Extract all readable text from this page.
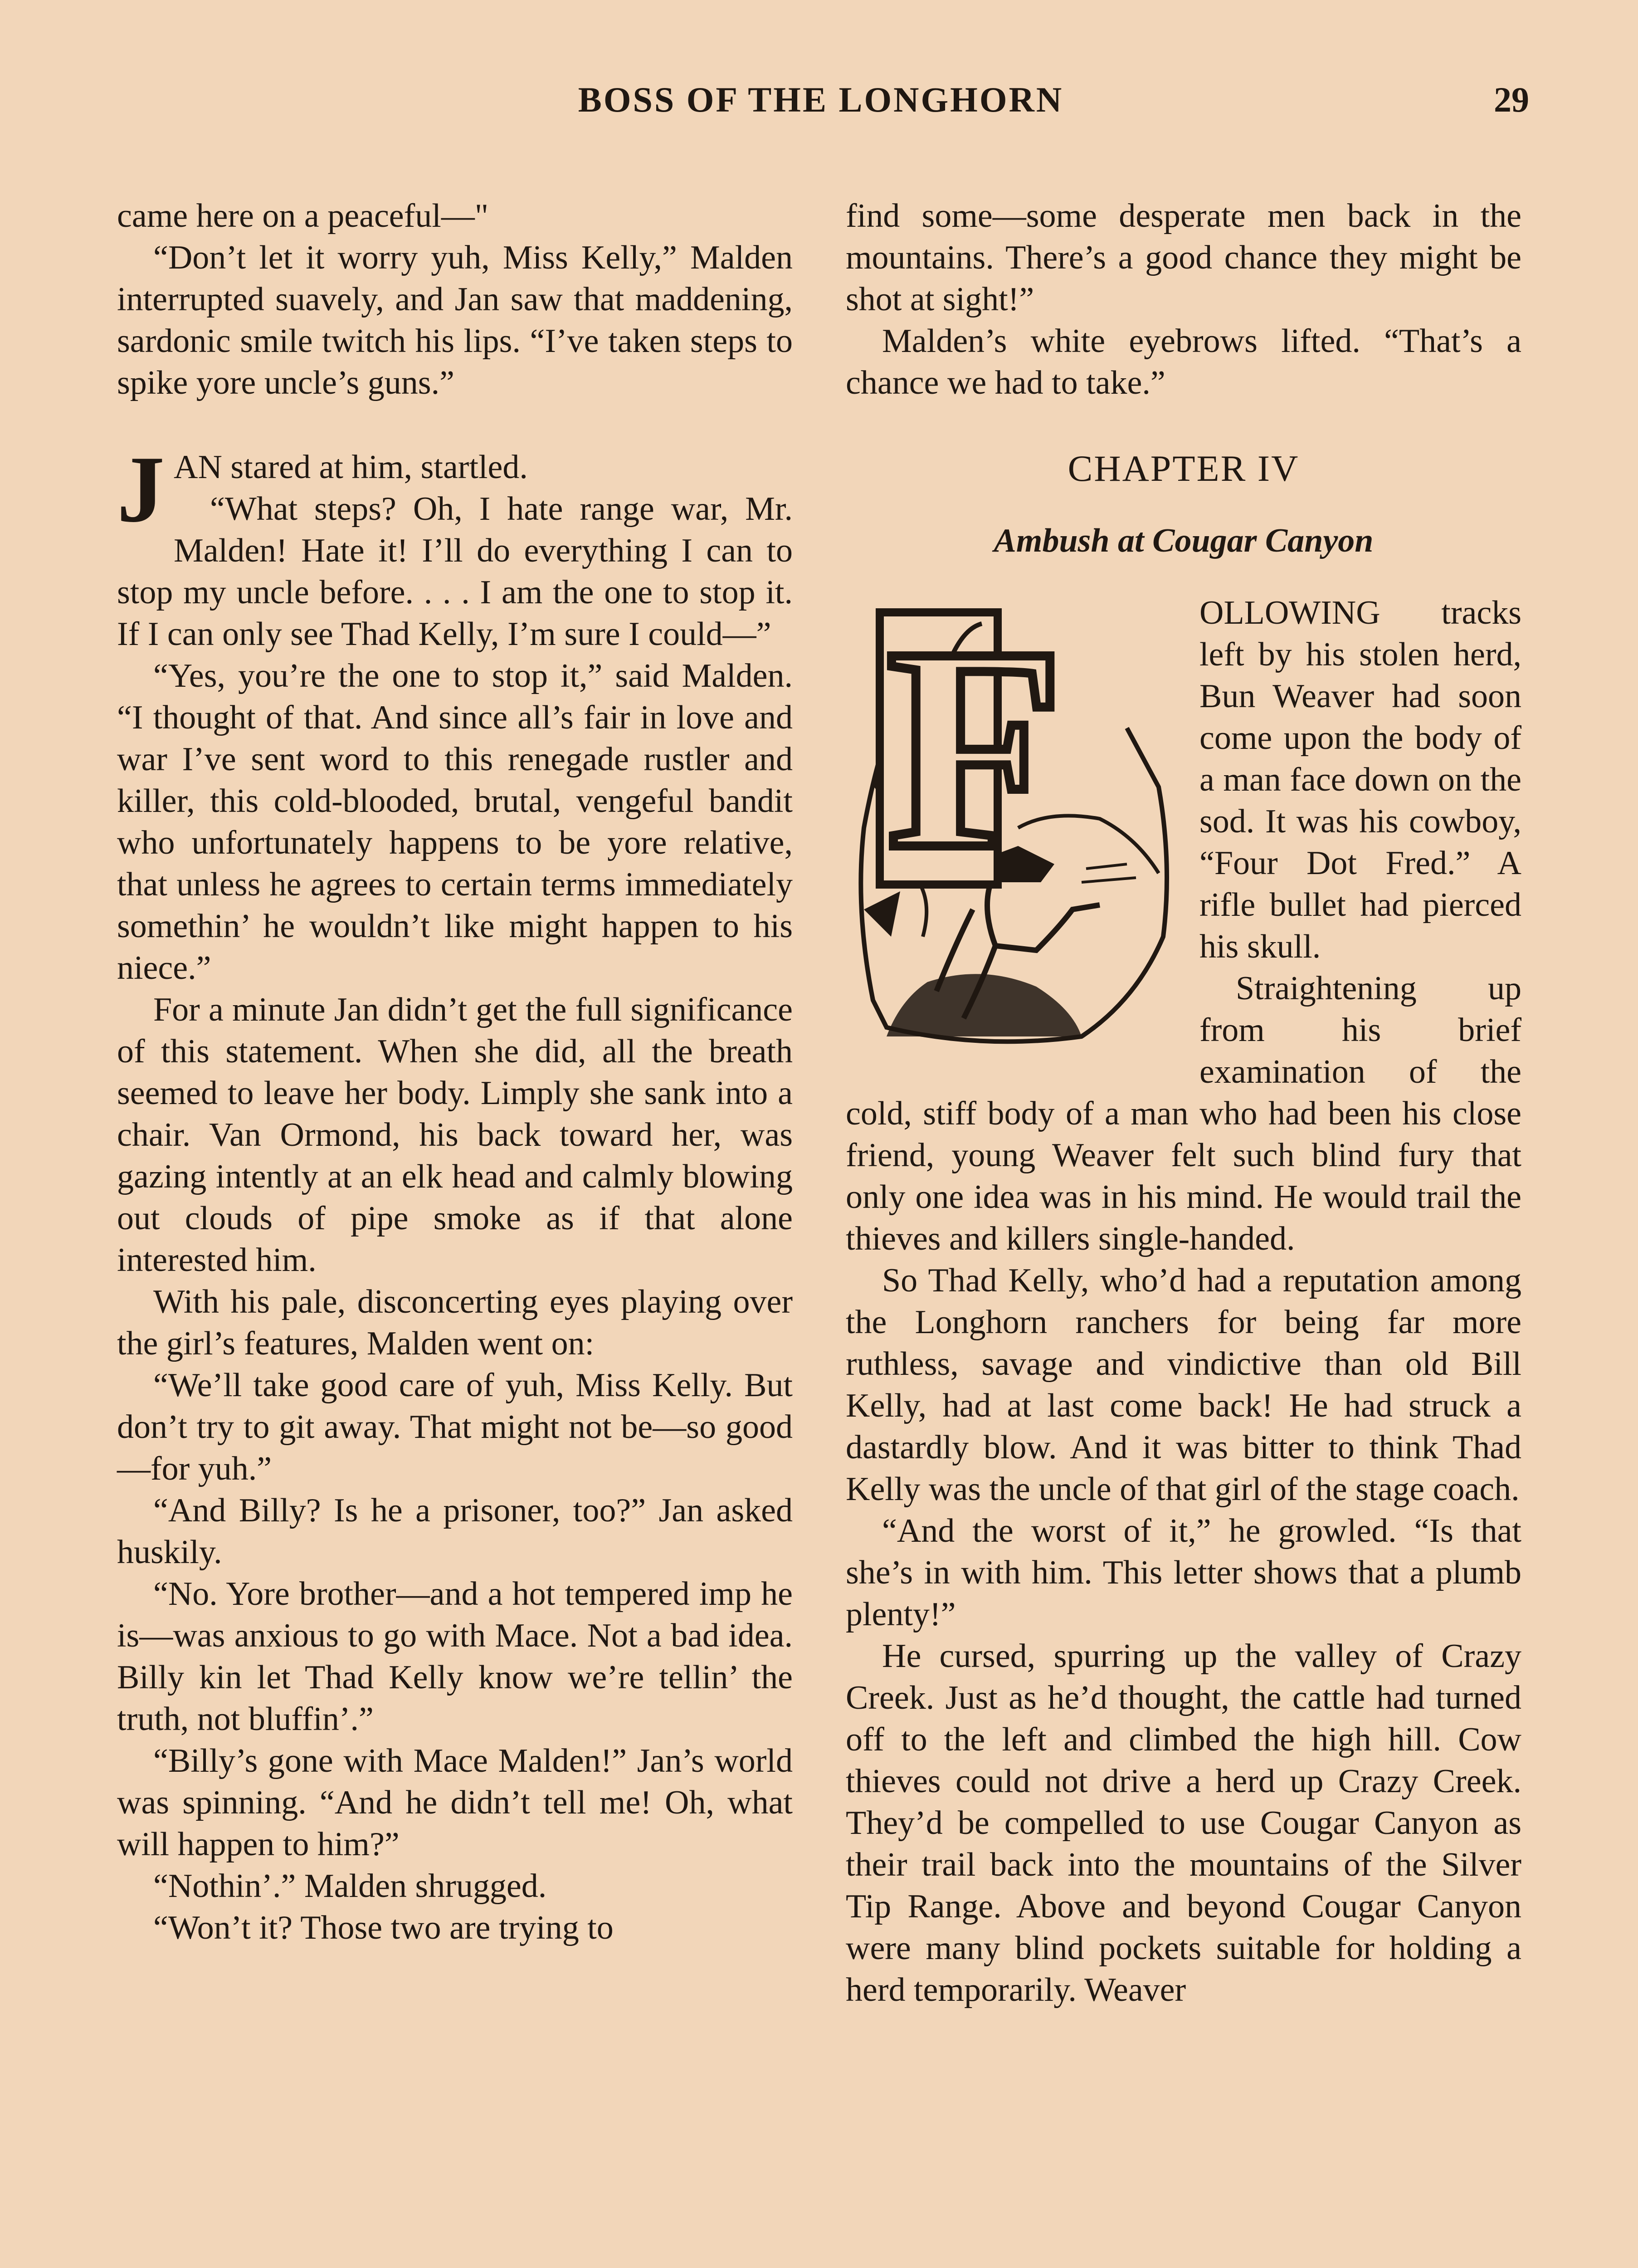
BOSS OF THE LONGHORN	29

came here on a peaceful—"

“Don’t let it worry yuh, Miss Kelly,” Malden interrupted suavely, and Jan saw that maddening, sardonic smile twitch his lips. “I’ve taken steps to spike yore uncle’s guns.”

JAN stared at him, startled.

“What steps? Oh, I hate range war, Mr. Malden! Hate it! I’ll do everything I can to stop my uncle before. . . . I am the one to stop it. If I can only see Thad Kelly, I’m sure I could—”

“Yes, you’re the one to stop it,” said Malden. “I thought of that. And since all’s fair in love and war I’ve sent word to this renegade rustler and killer, this cold-blooded, brutal, vengeful bandit who unfortunately happens to be yore relative, that unless he agrees to certain terms immediately somethin’ he wouldn’t like might happen to his niece.”

For a minute Jan didn’t get the full significance of this statement. When she did, all the breath seemed to leave her body. Limply she sank into a chair. Van Ormond, his back toward her, was gazing intently at an elk head and calmly blowing out clouds of pipe smoke as if that alone interested him.

With his pale, disconcerting eyes playing over the girl’s features, Malden went on:

“We’ll take good care of yuh, Miss Kelly. But don’t try to git away. That might not be—so good—for yuh.”

“And Billy? Is he a prisoner, too?” Jan asked huskily.

“No. Yore brother—and a hot tempered imp he is—was anxious to go with Mace. Not a bad idea. Billy kin let Thad Kelly know we’re tellin’ the truth, not bluffin’.”

“Billy’s gone with Mace Malden!” Jan’s world was spinning. “And he didn’t tell me! Oh, what will happen to him?”

“Nothin’.” Malden shrugged.

“Won’t it? Those two are trying to

find some—some desperate men back in the mountains. There’s a good chance they might be shot at sight!”

Malden’s white eyebrows lifted. “That’s a chance we had to take.”

CHAPTER IV
Ambush at Cougar Canyon
F	OLLOWING tracks left by his stolen herd, Bun Weaver had soon come upon the body of a man face down on the sod. It was his cowboy, “Four Dot Fred.” A rifle bullet had pierced his skull.

Straightening up from his brief examination of the cold, stiff body of a man who had been his close friend, young Weaver felt such blind fury that only one idea was in his mind. He would trail the thieves and killers single-handed.

So Thad Kelly, who’d had a reputation among the Longhorn ranchers for being far more ruthless, savage and vindictive than old Bill Kelly, had at last come back! He had struck a dastardly blow. And it was bitter to think Thad Kelly was the uncle of that girl of the stage coach.

“And the worst of it,” he growled. “Is that she’s in with him. This letter shows that a plumb plenty!”

He cursed, spurring up the valley of Crazy Creek. Just as he’d thought, the cattle had turned off to the left and climbed the high hill. Cow thieves could not drive a herd up Crazy Creek. They’d be compelled to use Cougar Canyon as their trail back into the mountains of the Silver Tip Range. Above and beyond Cougar Canyon were many blind pockets suitable for holding a herd temporarily. Weaver
